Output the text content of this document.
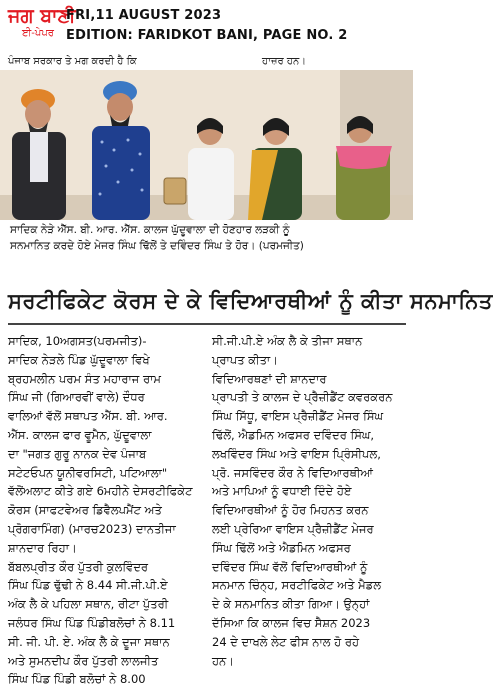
ਜਗ ਬਾਣੀ
ਈ-ਪੇਪਰ
FRI,11 AUGUST 2023
EDITION: FARIDKOT BANI, PAGE NO. 2
ਪੰਜਾਬ ਸਰਕਾਰ ਤੇ ਮਗ ਕਰਦੀ ਹੈ ਕਿ	ਹਾਜ਼ਰ ਹਨ।
ਸਾਦਿਕ ਨੇੜੇ ਐੱਸ. ਬੀ. ਆਰ. ਐੱਸ. ਕਾਲਜ ਘੁੱਦੂਵਾਲਾ ਦੀ ਹੋਣਹਾਰ ਲੜਕੀ ਨੂੰ
ਸਨਮਾਨਿਤ ਕਰਦੇ ਹੋਏ ਮੇਜਰ ਸਿੰਘ ਢਿੱਲੋਂ ਤੇ ਦਵਿੰਦਰ ਸਿੰਘ ਤੇ ਹੋਰ। (ਪਰਮਜੀਤ)
ਸਰਟੀਫਿਕੇਟ ਕੋਰਸ ਦੇ ਕੇ ਵਿਦਿਆਰਥੀਆਂ ਨੂੰ ਕੀਤਾ ਸਨਮਾਨਿਤ
ਸਾਦਿਕ, 10ਅਗਸਤ(ਪਰਮਜੀਤ)-
ਸਾਦਿਕ ਨੇੜਲੇ ਪਿੰਡ ਘੁੱਦੂਵਾਲਾ ਵਿਖੇ
ਬ੍ਰਹਮਲੀਨ ਪਰਮ ਸੰਤ ਮਹਾਰਾਜ ਰਾਮ
ਸਿੰਘ ਜੀ (ਗਿਆਰਵੀਂ ਵਾਲੇ) ਦੌਧਰ
ਵਾਲਿਆਂ ਵੱਲੋਂ ਸਥਾਪਤ ਐੱਸ. ਬੀ. ਆਰ.
ਐੱਸ. ਕਾਲਜ ਫਾਰ ਵੂਮੈਨ, ਘੁੱਦੂਵਾਲਾ
ਦਾ "ਜਗਤ ਗੁਰੂ ਨਾਨਕ ਦੇਵ ਪੰਜਾਬ
ਸਟੇਟਓਪਨ ਯੂਨੀਵਰਸਿਟੀ, ਪਟਿਆਲਾ"
ਵੱਲੋਂਅਲਾਟ ਕੀਤੇ ਗਏ 6ਮਹੀਨੇ ਦੇਸਰਟੀਫਿਕੇਟ
ਕੋਰਸ (ਸਾਫਟਵੇਅਰ ਡਿਵੈਲਪਮੈਂਟ ਅਤੇ
ਪ੍ਰੋਗਰਾਮਿੰਗ) (ਮਾਰਚ2023) ਦਾਨਤੀਜਾ
ਸ਼ਾਨਦਾਰ ਰਿਹਾ।
ਬੱਬਲਪ੍ਰੀਤ ਕੌਰ ਪੁੱਤਰੀ ਕੁਲਵਿੰਦਰ
ਸਿੰਘ ਪਿੰਡ ਢੁੱਢੀ ਨੇ 8.44 ਸੀ.ਜੀ.ਪੀ.ਏ
ਅੰਕ ਲੈ ਕੇ ਪਹਿਲਾ ਸਥਾਨ, ਰੀਟਾ ਪੁੱਤਰੀ
ਜਲੰਧਰ ਸਿੰਘ ਪਿੰਡ ਪਿੰਡੀਬਲੋਚਾਂ ਨੇ 8.11
ਸੀ. ਜੀ. ਪੀ. ਏ. ਅੰਕ ਲੈ ਕੇ ਦੂਜਾ ਸਥਾਨ
ਅਤੇ ਸੁਮਨਦੀਪ ਕੌਰ ਪੁੱਤਰੀ ਲਾਲਜੀਤ
ਸਿੰਘ ਪਿੰਡ ਪਿੰਡੀ ਬਲੋਚਾਂ ਨੇ 8.00
ਸੀ.ਜੀ.ਪੀ.ਏ ਅੰਕ ਲੈ ਕੇ ਤੀਜਾ ਸਥਾਨ
ਪ੍ਰਾਪਤ ਕੀਤਾ।
ਵਿਦਿਆਰਥਣਾਂ ਦੀ ਸ਼ਾਨਦਾਰ
ਪ੍ਰਾਪਤੀ ਤੇ ਕਾਲਜ ਦੇ ਪ੍ਰੈਜ਼ੀਡੈਂਟ ਕਵਰਕਰਨ
ਸਿੰਘ ਸਿੱਧੂ, ਵਾਇਸ ਪ੍ਰੈਜ਼ੀਡੈਂਟ ਮੇਜਰ ਸਿੰਘ
ਢਿੱਲੋਂ, ਐਡਮਿਨ ਅਫਸਰ ਦਵਿੰਦਰ ਸਿੰਘ,
ਲਖਵਿੰਦਰ ਸਿੰਘ ਅਤੇ ਵਾਇਸ ਪ੍ਰਿੰਸੀਪਲ,
ਪ੍ਰੋ. ਜਸਵਿੰਦਰ ਕੌਰ ਨੇ ਵਿਦਿਆਰਥੀਆਂ
ਅਤੇ ਮਾਪਿਆਂ ਨੂੰ ਵਧਾਈ ਦਿੰਦੇ ਹੋਏ
ਵਿਦਿਆਰਥੀਆਂ ਨੂੰ ਹੋਰ ਮਿਹਨਤ ਕਰਨ
ਲਈ ਪ੍ਰੇਰਿਆ ਵਾਇਸ ਪ੍ਰੈਜ਼ੀਡੈਂਟ ਮੇਜਰ
ਸਿੰਘ ਢਿੱਲੋਂ ਅਤੇ ਐਡਮਿਨ ਅਫਸਰ
ਦਵਿੰਦਰ ਸਿੰਘ ਵੱਲੋਂ ਵਿਦਿਆਰਥੀਆਂ ਨੂੰ
ਸਨਮਾਨ ਚਿੰਨ੍ਹ, ਸਰਟੀਫਿਕੇਟ ਅਤੇ ਮੈਡਲ
ਦੇ ਕੇ ਸਨਮਾਨਿਤ ਕੀਤਾ ਗਿਆ। ਉਨ੍ਹਾਂ
ਦੱਸਿਆ ਕਿ ਕਾਲਜ ਵਿਚ ਸੈਸ਼ਨ 2023
24 ਦੇ ਦਾਖਲੇ ਲੇਟ ਫੀਸ ਨਾਲ ਹੋ ਰਹੇ
ਹਨ।
